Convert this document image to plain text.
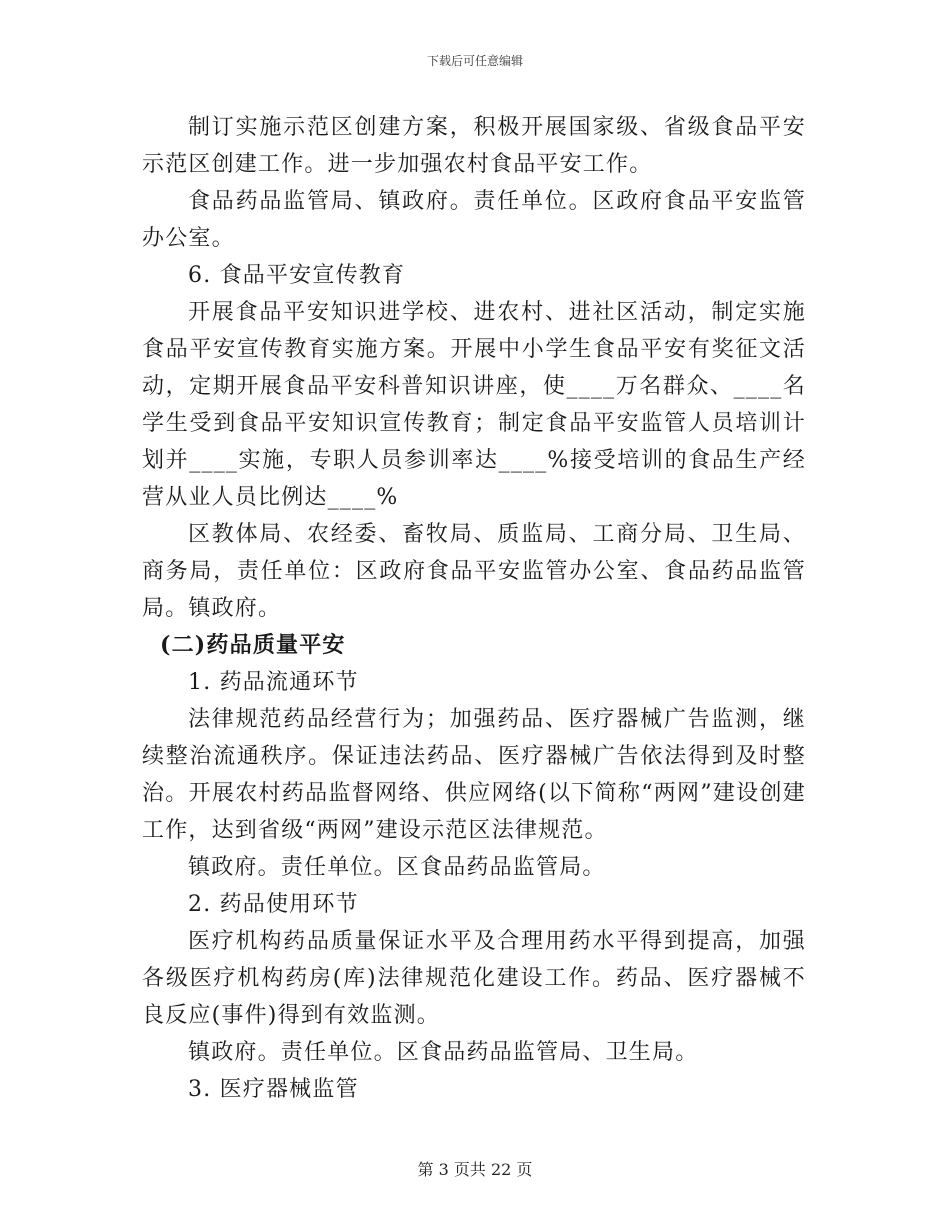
下载后可任意编辑

制订实施示范区创建方案，积极开展国家级、省级食品平安示范区创建工作。进一步加强农村食品平安工作。

食品药品监管局、镇政府。责任单位。区政府食品平安监管办公室。

6. 食品平安宣传教育

开展食品平安知识进学校、进农村、进社区活动，制定实施食品平安宣传教育实施方案。开展中小学生食品平安有奖征文活动，定期开展食品平安科普知识讲座，使____万名群众、____名学生受到食品平安知识宣传教育；制定食品平安监管人员培训计划并____实施，专职人员参训率达____%接受培训的食品生产经营从业人员比例达____%

区教体局、农经委、畜牧局、质监局、工商分局、卫生局、商务局，责任单位：区政府食品平安监管办公室、食品药品监管局。镇政府。

(二)药品质量平安

1. 药品流通环节

法律规范药品经营行为；加强药品、医疗器械广告监测，继续整治流通秩序。保证违法药品、医疗器械广告依法得到及时整治。开展农村药品监督网络、供应网络(以下简称“两网”建设创建工作，达到省级“两网”建设示范区法律规范。

镇政府。责任单位。区食品药品监管局。

2. 药品使用环节

医疗机构药品质量保证水平及合理用药水平得到提高，加强各级医疗机构药房(库)法律规范化建设工作。药品、医疗器械不良反应(事件)得到有效监测。

镇政府。责任单位。区食品药品监管局、卫生局。

3. 医疗器械监管

第 3 页共 22 页
